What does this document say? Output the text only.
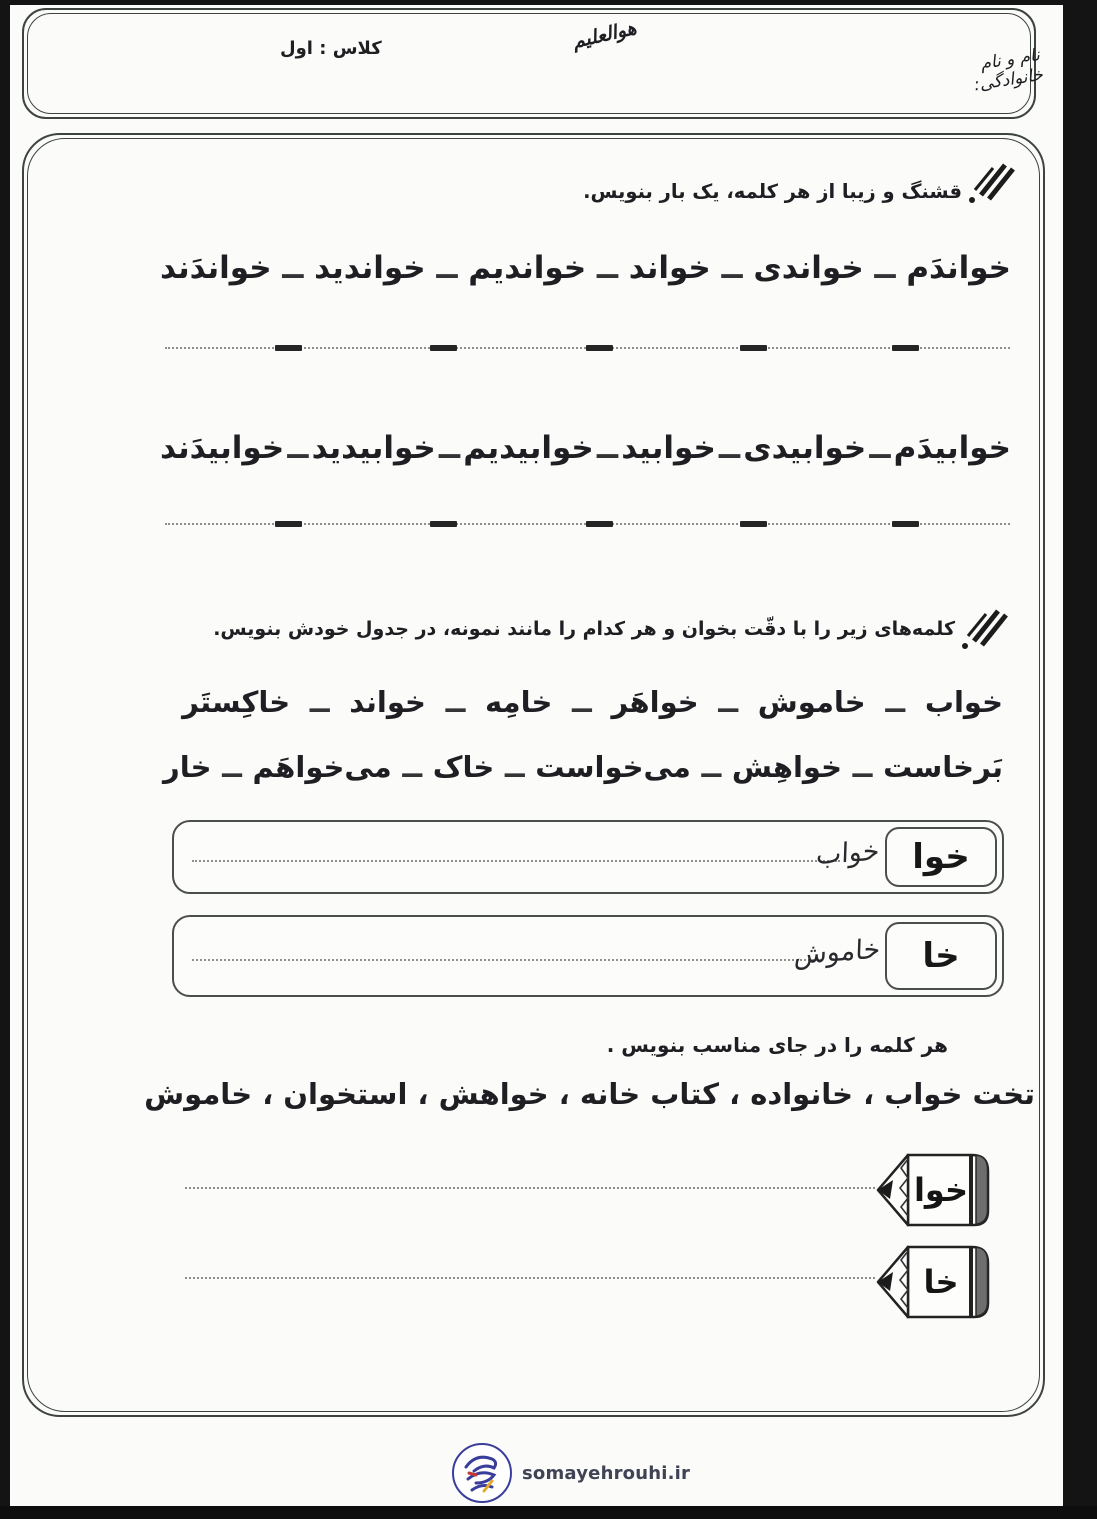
هوالعلیم
کلاس : اول	نام و نام خانوادگی:
قشنگ و زیبا از هر کلمه، یک بار بنویس.
خواندَم
ــ
خواندی
ــ
خواند
ــ
خواندیم
ــ
خواندید
ــ
خواندَند
خوابیدَم
ــ
خوابیدی
ــ
خوابید
ــ
خوابیدیم
ــ
خوابیدید
ــ
خوابیدَند
کلمه‌های زیر را با دقّت بخوان و هر کدام را مانند نمونه، در جدول خودش بنویس.
خواب
ــ
خاموش
ــ
خواهَر
ــ
خامِه
ــ
خواند
ــ
خاکِستَر
بَرخاست
ــ
خواهِش
ــ
می‌خواست
ــ
خاک
ــ
می‌خواهَم
ــ
خار
خوا
خواب
خا
خاموش
هر کلمه را در جای مناسب بنویس .
تخت خواب ، خانواده ، کتاب خانه ، خواهش ، استخوان ، خاموش
خوا
خا
somayehrouhi.ir
